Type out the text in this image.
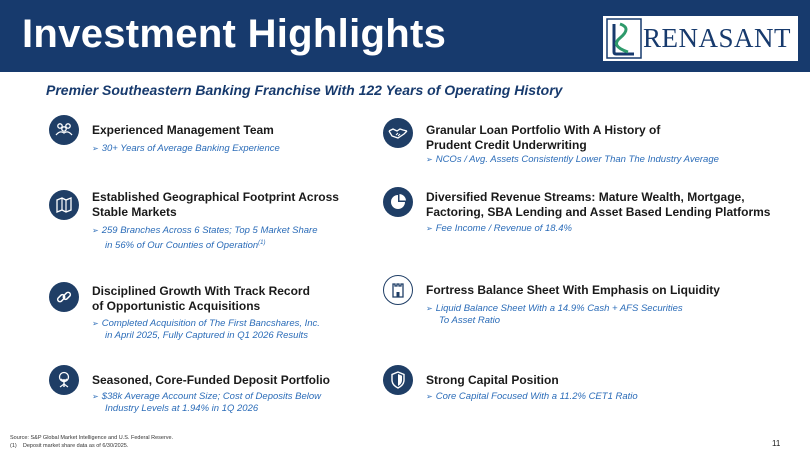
Investment Highlights	RENASANT
Premier Southeastern Banking Franchise With 122 Years of Operating History
Experienced Management Team
➢ 30+ Years of Average Banking Experience
Established Geographical Footprint Across
Stable Markets
➢ 259 Branches Across 6 States; Top 5 Market Share
in 56% of Our Counties of Operation$^{(1)}$
Disciplined Growth With Track Record
of Opportunistic Acquisitions
➢ Completed Acquisition of The First Bancshares, Inc.
in April 2025, Fully Captured in Q1 2026 Results
Seasoned, Core-Funded Deposit Portfolio
➢ $38k Average Account Size; Cost of Deposits Below
Industry Levels at 1.94% in 1Q 2026
Granular Loan Portfolio With A History of
Prudent Credit Underwriting
➢ NCOs / Avg. Assets Consistently Lower Than The Industry Average
Diversified Revenue Streams: Mature Wealth, Mortgage,
Factoring, SBA Lending and Asset Based Lending Platforms
➢ Fee Income / Revenue of 18.4%
Fortress Balance Sheet With Emphasis on Liquidity
➢ Liquid Balance Sheet With a 14.9% Cash + AFS Securities
To Asset Ratio
Strong Capital Position
➢ Core Capital Focused With a 11.2% CET1 Ratio
Source: S&P Global Market Intelligence and U.S. Federal Reserve.
(1) Deposit market share data as of 6/30/2025.	11
